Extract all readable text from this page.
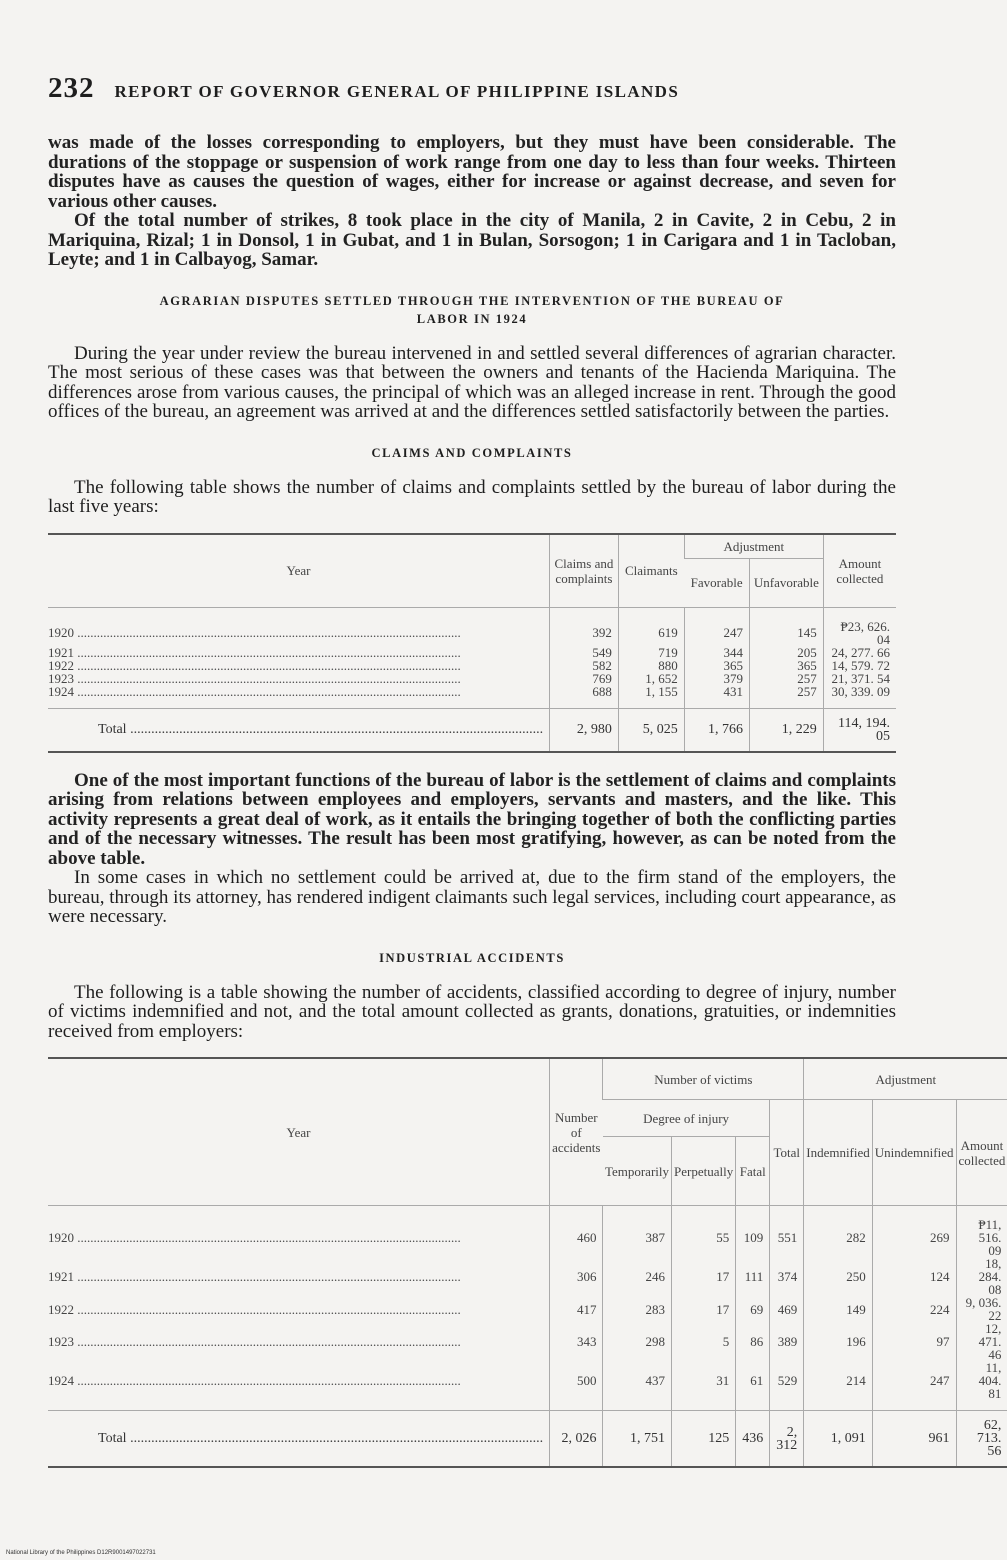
232 REPORT OF GOVERNOR GENERAL OF PHILIPPINE ISLANDS

was made of the losses corresponding to employers, but they must have been considerable. The durations of the stoppage or suspension of work range from one day to less than four weeks. Thirteen disputes have as causes the question of wages, either for increase or against decrease, and seven for various other causes.

Of the total number of strikes, 8 took place in the city of Manila, 2 in Cavite, 2 in Cebu, 2 in Mariquina, Rizal; 1 in Donsol, 1 in Gubat, and 1 in Bulan, Sorsogon; 1 in Carigara and 1 in Tacloban, Leyte; and 1 in Calbayog, Samar.

AGRARIAN DISPUTES SETTLED THROUGH THE INTERVENTION OF THE BUREAU OF
LABOR IN 1924

During the year under review the bureau intervened in and settled several differences of agrarian character. The most serious of these cases was that between the owners and tenants of the Hacienda Mariquina. The differences arose from various causes, the principal of which was an alleged increase in rent. Through the good offices of the bureau, an agreement was arrived at and the differences settled satisfactorily between the parties.

CLAIMS AND COMPLAINTS

The following table shows the number of claims and complaints settled by the bureau of labor during the last five years:

Year	Claims and complaints	Claimants	Adjustment		Amount collected
			Favorable	Unfavorable	
1920 .....	392	619	247	145	₱23, 626. 04
1921 .....	549	719	344	205	24, 277. 66
1922 .....	582	880	365	365	14, 579. 72
1923 .....	769	1, 652	379	257	21, 371. 54
1924 .....	688	1, 155	431	257	30, 339. 09
Total .....	2, 980	5, 025	1, 766	1, 229	114, 194. 05

One of the most important functions of the bureau of labor is the settlement of claims and complaints arising from relations between employees and employers, servants and masters, and the like. This activity represents a great deal of work, as it entails the bringing together of both the conflicting parties and of the necessary witnesses. The result has been most gratifying, however, as can be noted from the above table.

In some cases in which no settlement could be arrived at, due to the firm stand of the employers, the bureau, through its attorney, has rendered indigent claimants such legal services, including court appearance, as were necessary.

INDUSTRIAL ACCIDENTS

The following is a table showing the number of accidents, classified according to degree of injury, number of victims indemnified and not, and the total amount collected as grants, donations, gratuities, or indemnities received from employers:

Year	Number of accidents	Number of victims				Adjustment		
		Degree of injury			Total	Indemnified	Unindemnified	Amount collected
		Temporarily	Perpetually	Fatal				
1920 .....	460	387	55	109	551	282	269	₱11, 516. 09
1921 .....	306	246	17	111	374	250	124	18, 284. 08
1922 .....	417	283	17	69	469	149	224	9, 036. 22
1923 .....	343	298	5	86	389	196	97	12, 471. 46
1924 .....	500	437	31	61	529	214	247	11, 404. 81
Total .....	2, 026	1, 751	125	436	2, 312	1, 091	961	62, 713. 56
National Library of the Philippines D12R9001497022731
